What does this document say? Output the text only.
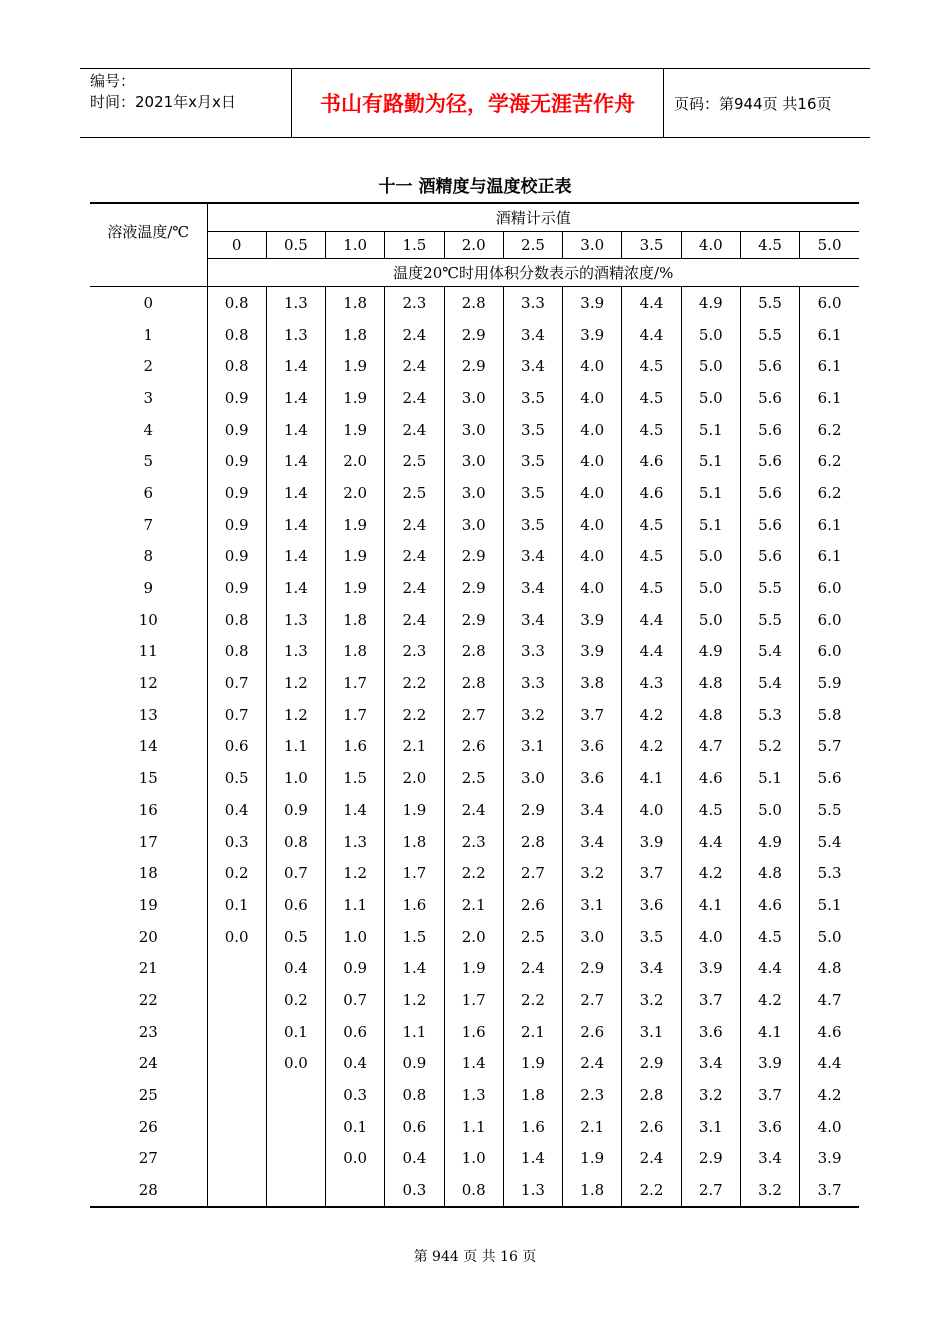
编号：
时间：2021年x月x日	书山有路勤为径，学海无涯苦作舟	页码：第944页 共16页
十一 酒精度与温度校正表
溶液温度/℃	酒精计示值										
	0	0.5	1.0	1.5	2.0	2.5	3.0	3.5	4.0	4.5	5.0
	温度20℃时用体积分数表示的酒精浓度/%										
0	0.8	1.3	1.8	2.3	2.8	3.3	3.9	4.4	4.9	5.5	6.0
1	0.8	1.3	1.8	2.4	2.9	3.4	3.9	4.4	5.0	5.5	6.1
2	0.8	1.4	1.9	2.4	2.9	3.4	4.0	4.5	5.0	5.6	6.1
3	0.9	1.4	1.9	2.4	3.0	3.5	4.0	4.5	5.0	5.6	6.1
4	0.9	1.4	1.9	2.4	3.0	3.5	4.0	4.5	5.1	5.6	6.2
5	0.9	1.4	2.0	2.5	3.0	3.5	4.0	4.6	5.1	5.6	6.2
6	0.9	1.4	2.0	2.5	3.0	3.5	4.0	4.6	5.1	5.6	6.2
7	0.9	1.4	1.9	2.4	3.0	3.5	4.0	4.5	5.1	5.6	6.1
8	0.9	1.4	1.9	2.4	2.9	3.4	4.0	4.5	5.0	5.6	6.1
9	0.9	1.4	1.9	2.4	2.9	3.4	4.0	4.5	5.0	5.5	6.0
10	0.8	1.3	1.8	2.4	2.9	3.4	3.9	4.4	5.0	5.5	6.0
11	0.8	1.3	1.8	2.3	2.8	3.3	3.9	4.4	4.9	5.4	6.0
12	0.7	1.2	1.7	2.2	2.8	3.3	3.8	4.3	4.8	5.4	5.9
13	0.7	1.2	1.7	2.2	2.7	3.2	3.7	4.2	4.8	5.3	5.8
14	0.6	1.1	1.6	2.1	2.6	3.1	3.6	4.2	4.7	5.2	5.7
15	0.5	1.0	1.5	2.0	2.5	3.0	3.6	4.1	4.6	5.1	5.6
16	0.4	0.9	1.4	1.9	2.4	2.9	3.4	4.0	4.5	5.0	5.5
17	0.3	0.8	1.3	1.8	2.3	2.8	3.4	3.9	4.4	4.9	5.4
18	0.2	0.7	1.2	1.7	2.2	2.7	3.2	3.7	4.2	4.8	5.3
19	0.1	0.6	1.1	1.6	2.1	2.6	3.1	3.6	4.1	4.6	5.1
20	0.0	0.5	1.0	1.5	2.0	2.5	3.0	3.5	4.0	4.5	5.0
21		0.4	0.9	1.4	1.9	2.4	2.9	3.4	3.9	4.4	4.8
22		0.2	0.7	1.2	1.7	2.2	2.7	3.2	3.7	4.2	4.7
23		0.1	0.6	1.1	1.6	2.1	2.6	3.1	3.6	4.1	4.6
24		0.0	0.4	0.9	1.4	1.9	2.4	2.9	3.4	3.9	4.4
25			0.3	0.8	1.3	1.8	2.3	2.8	3.2	3.7	4.2
26			0.1	0.6	1.1	1.6	2.1	2.6	3.1	3.6	4.0
27			0.0	0.4	1.0	1.4	1.9	2.4	2.9	3.4	3.9
28				0.3	0.8	1.3	1.8	2.2	2.7	3.2	3.7
第 944 页 共 16 页
